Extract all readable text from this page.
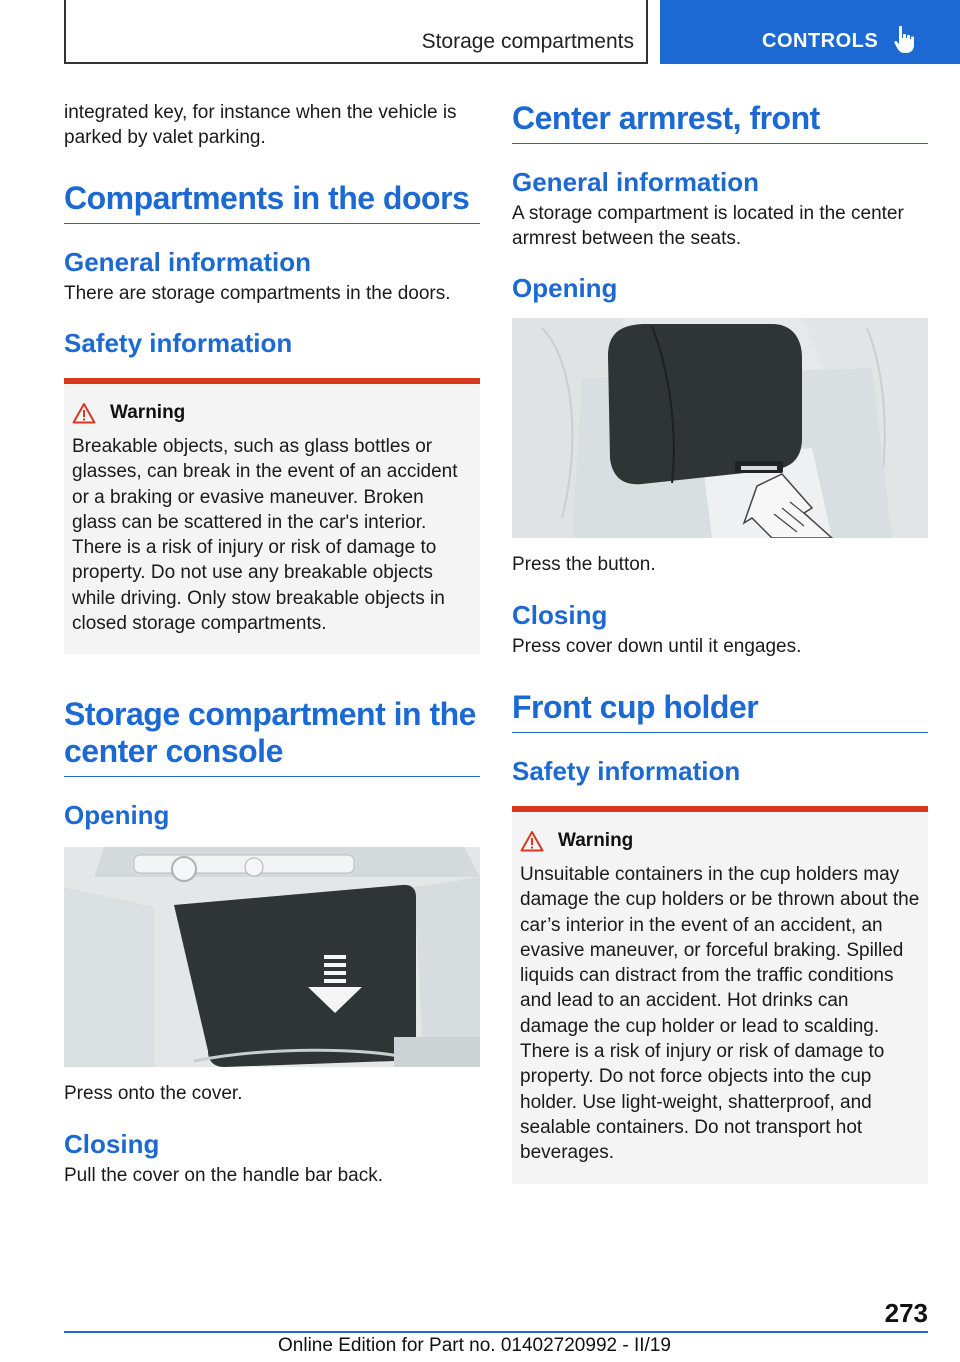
Storage compartments	CONTROLS

integrated key, for instance when the vehicle is parked by valet parking.

Compartments in the doors
General information

There are storage compartments in the doors.

Safety information
Warning
Breakable objects, such as glass bottles or glasses, can break in the event of an accident or a braking or evasive maneuver. Broken glass can be scattered in the car's interior. There is a risk of injury or risk of damage to property. Do not use any breakable objects while driving. Only stow breakable objects in closed storage compartments.
Storage compartment in the center console
Opening

Press onto the cover.

Closing

Pull the cover on the handle bar back.

Center armrest, front
General information

A storage compartment is located in the center armrest between the seats.

Opening

Press the button.

Closing

Press cover down until it engages.

Front cup holder
Safety information
Warning
Unsuitable containers in the cup holders may damage the cup holders or be thrown about the car’s interior in the event of an accident, an evasive maneuver, or forceful braking. Spilled liquids can distract from the traffic conditions and lead to an accident. Hot drinks can damage the cup holder or lead to scalding. There is a risk of injury or risk of damage to property. Do not force objects into the cup holder. Use light-weight, shatterproof, and sealable containers. Do not transport hot beverages.
273
Online Edition for Part no. 01402720992 - II/19
